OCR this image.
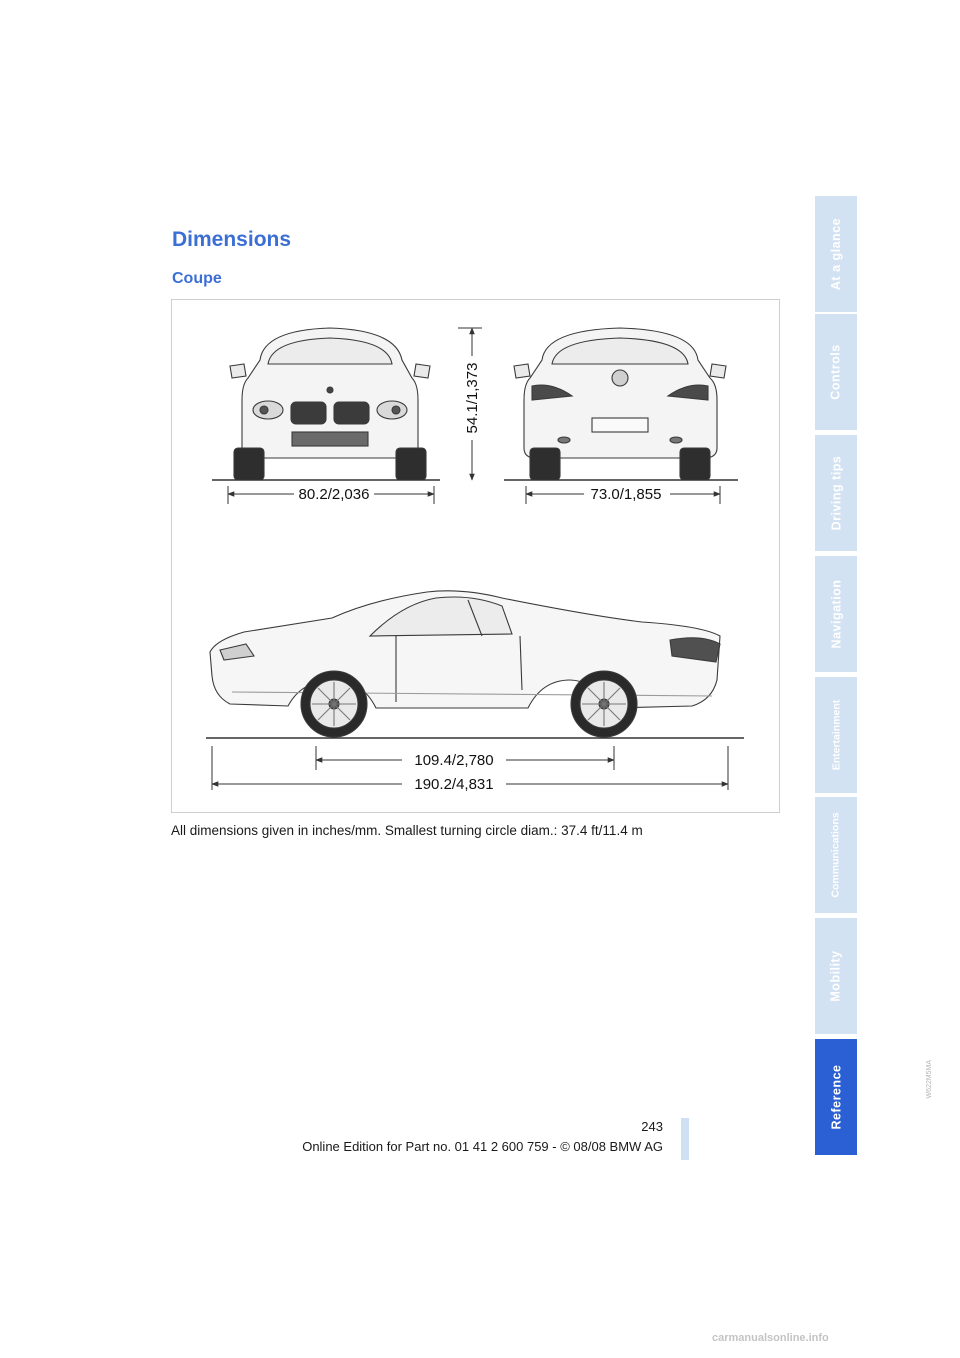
Dimensions
Coupe
80.2/2,036	73.0/1,855
109.4/2,780
190.2/4,831
54.1/1,373
W622M5MA

All dimensions given in inches/mm. Smallest turning circle diam.: 37.4 ft/11.4 m

At a glance
Controls
Driving tips
Navigation
Entertainment
Communications
Mobility
Reference
243
Online Edition for Part no. 01 41 2 600 759 - © 08/08 BMW AG
carmanualsonline.info
